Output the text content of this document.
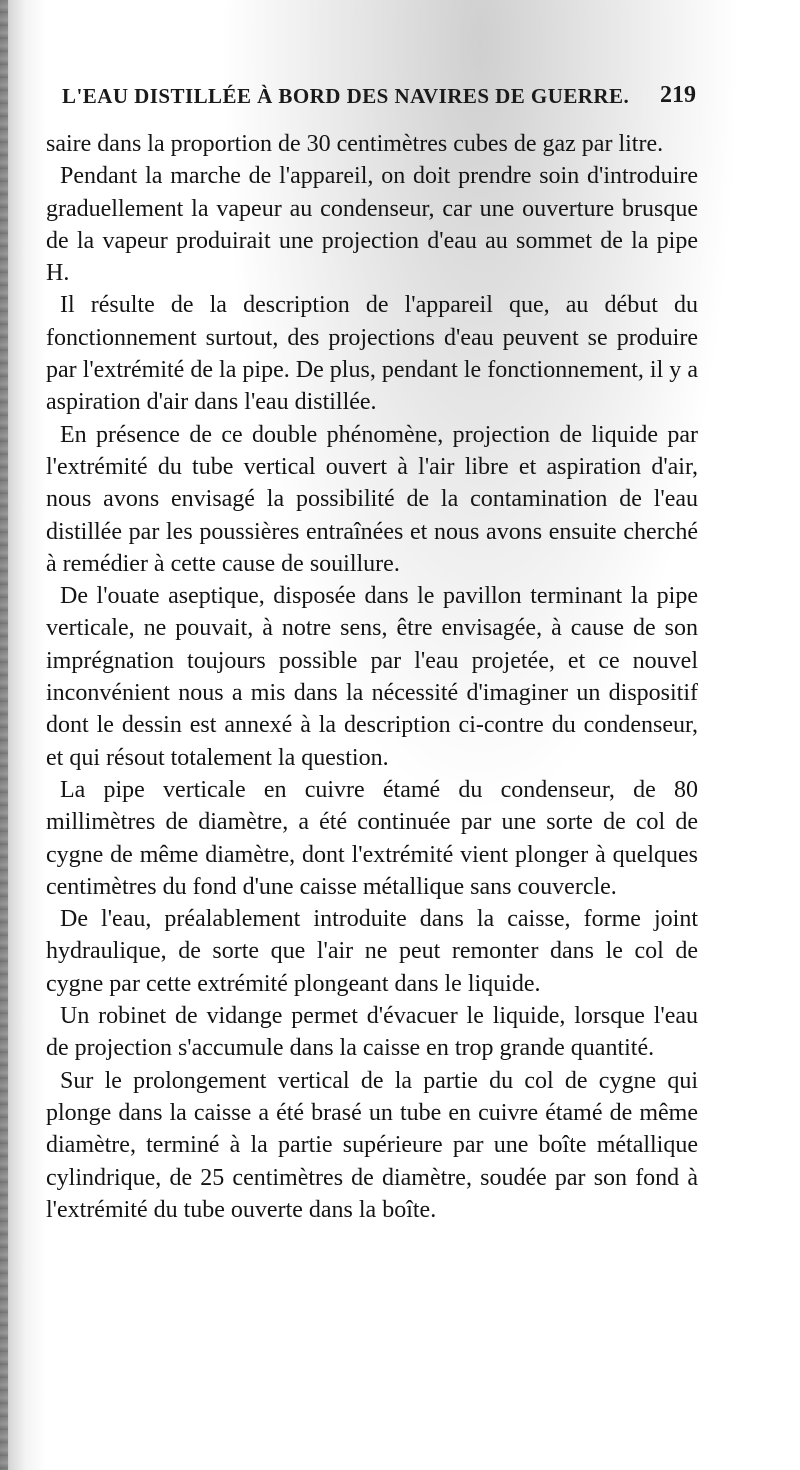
L'EAU DISTILLÉE À BORD DES NAVIRES DE GUERRE. 219

saire dans la proportion de 30 centimètres cubes de gaz par litre.

Pendant la marche de l'appareil, on doit prendre soin d'introduire graduellement la vapeur au condenseur, car une ouverture brusque de la vapeur produirait une projection d'eau au sommet de la pipe H.

Il résulte de la description de l'appareil que, au début du fonctionnement surtout, des projections d'eau peuvent se produire par l'extrémité de la pipe. De plus, pendant le fonctionnement, il y a aspiration d'air dans l'eau distillée.

En présence de ce double phénomène, projection de liquide par l'extrémité du tube vertical ouvert à l'air libre et aspiration d'air, nous avons envisagé la possibilité de la contamination de l'eau distillée par les poussières entraînées et nous avons ensuite cherché à remédier à cette cause de souillure.

De l'ouate aseptique, disposée dans le pavillon terminant la pipe verticale, ne pouvait, à notre sens, être envisagée, à cause de son imprégnation toujours possible par l'eau projetée, et ce nouvel inconvénient nous a mis dans la nécessité d'imaginer un dispositif dont le dessin est annexé à la description ci-contre du condenseur, et qui résout totalement la question.

La pipe verticale en cuivre étamé du condenseur, de 80 millimètres de diamètre, a été continuée par une sorte de col de cygne de même diamètre, dont l'extrémité vient plonger à quelques centimètres du fond d'une caisse métallique sans couvercle.

De l'eau, préalablement introduite dans la caisse, forme joint hydraulique, de sorte que l'air ne peut remonter dans le col de cygne par cette extrémité plongeant dans le liquide.

Un robinet de vidange permet d'évacuer le liquide, lorsque l'eau de projection s'accumule dans la caisse en trop grande quantité.

Sur le prolongement vertical de la partie du col de cygne qui plonge dans la caisse a été brasé un tube en cuivre étamé de même diamètre, terminé à la partie supérieure par une boîte métallique cylindrique, de 25 centimètres de diamètre, soudée par son fond à l'extrémité du tube ouverte dans la boîte.
